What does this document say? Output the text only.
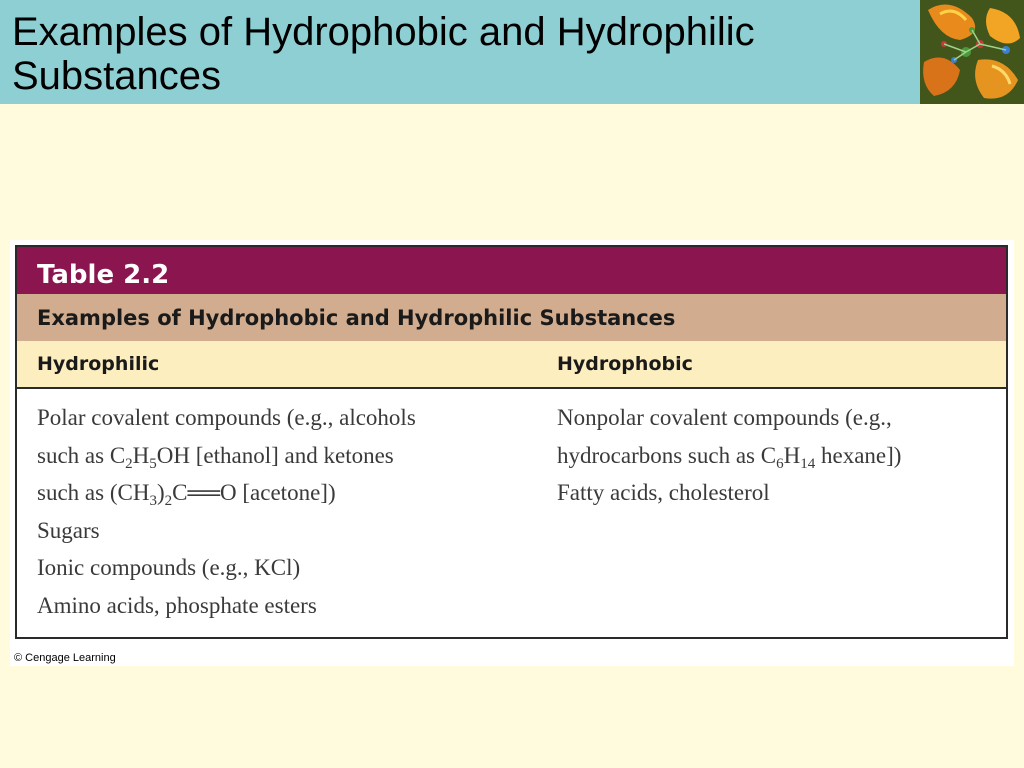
Examples of Hydrophobic and Hydrophilic Substances
Table 2.2
Examples of Hydrophobic and Hydrophilic Substances
Hydrophilic	Hydrophobic
Polar covalent compounds (e.g., alcohols
such as $C_2H_5OH$ [ethanol] and ketones
such as $(CH_3)_2C══O$ [acetone])
Sugars
Ionic compounds (e.g., KCl)
Amino acids, phosphate esters
Nonpolar covalent compounds (e.g.,
hydrocarbons such as $C_6H_{14}$ hexane])
Fatty acids, cholesterol
© Cengage Learning
